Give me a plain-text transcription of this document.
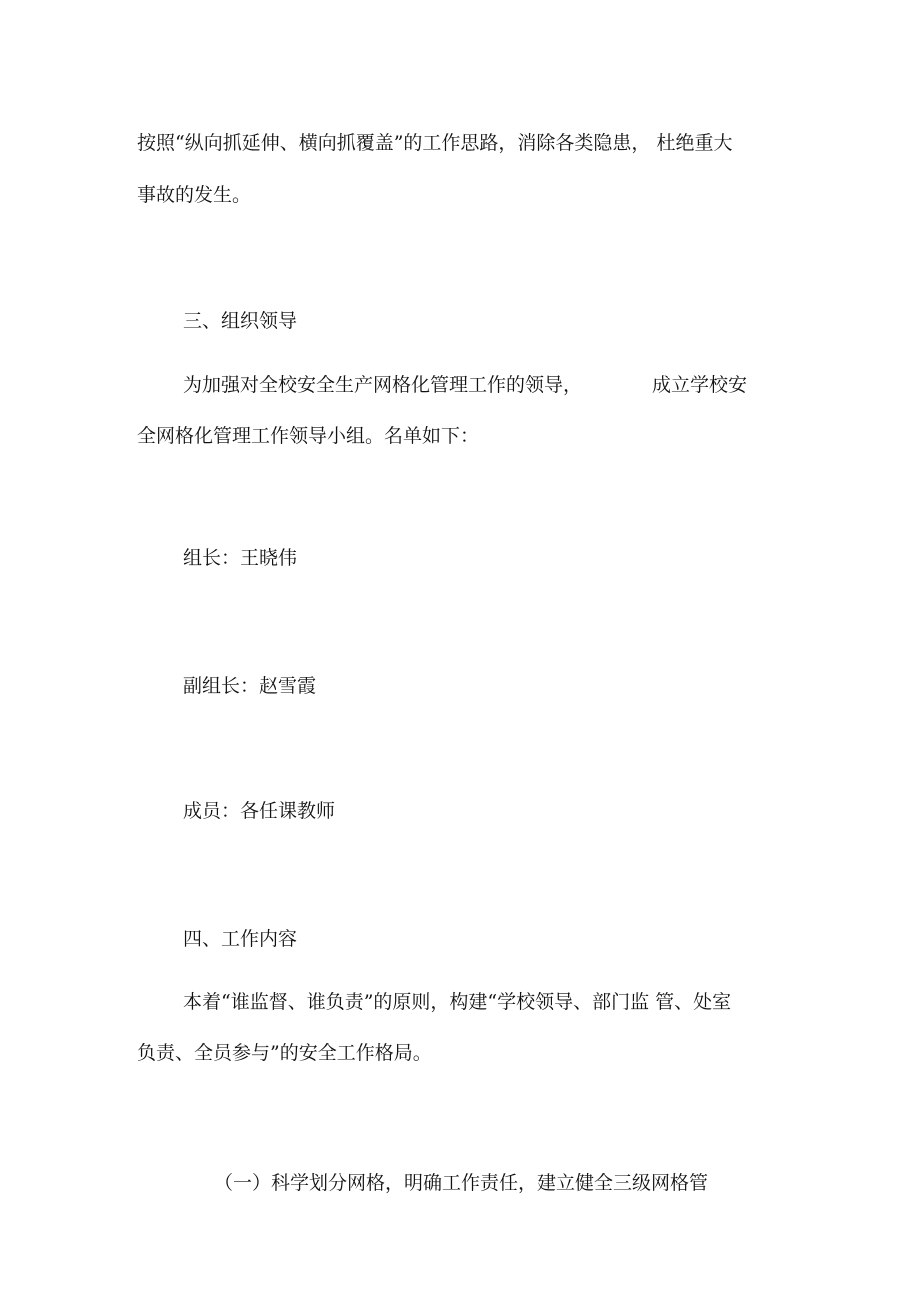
按照“纵向抓延伸、横向抓覆盖”的工作思路，消除各类隐患， 杜绝重大

事故的发生。

三、组织领导

为加强对全校安全生产网格化管理工作的领导，	成立学校安

全网格化管理工作领导小组。名单如下：

组长：王晓伟

副组长：赵雪霞

成员：各任课教师

四、工作内容

本着“谁监督、谁负责”的原则，构建“学校领导、部门监 管、处室

负责、全员参与”的安全工作格局。

（一）科学划分网格，明确工作责任，建立健全三级网格管
